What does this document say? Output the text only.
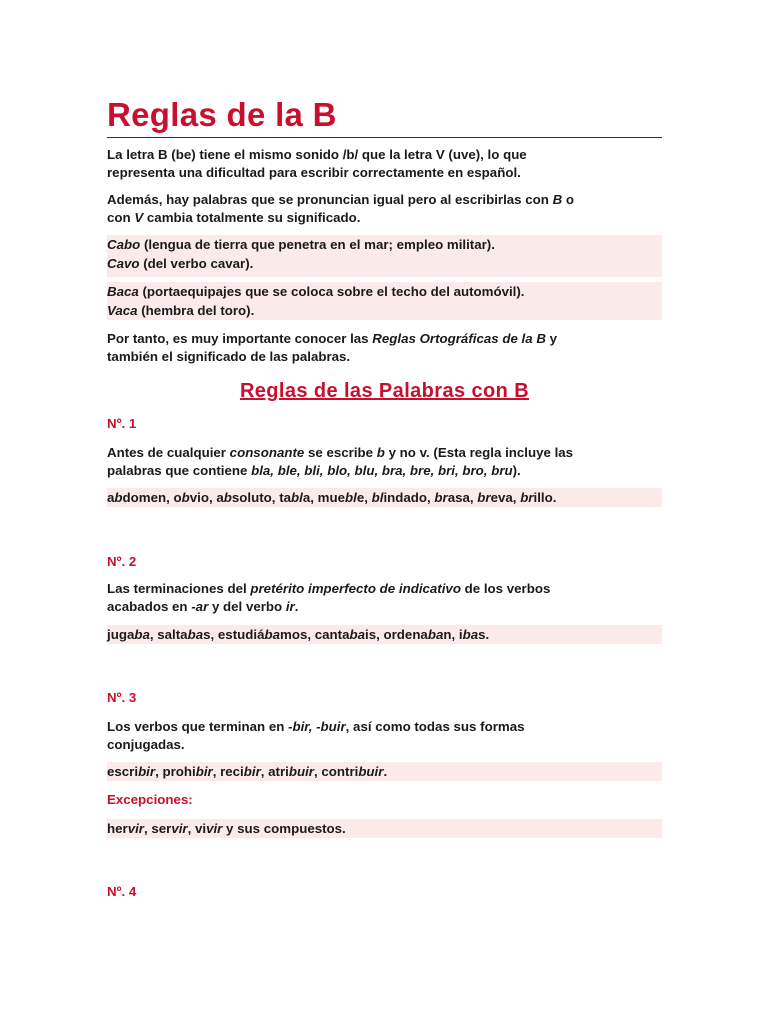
Reglas de la B

La letra B (be) tiene el mismo sonido /b/ que la letra V (uve), lo que

representa una dificultad para escribir correctamente en español.

Además, hay palabras que se pronuncian igual pero al escribirlas con B o

con V cambia totalmente su significado.

Cabo (lengua de tierra que penetra en el mar; empleo militar).

Cavo (del verbo cavar).

Baca (portaequipajes que se coloca sobre el techo del automóvil).

Vaca (hembra del toro).

Por tanto, es muy importante conocer las Reglas Ortográficas de la B y

también el significado de las palabras.

Reglas de las Palabras con B
Nº. 1

Antes de cualquier consonante se escribe b y no v. (Esta regla incluye las

palabras que contiene bla, ble, bli, blo, blu, bra, bre, bri, bro, bru).

abdomen, obvio, absoluto, tabla, mueble, blindado, brasa, breva, brillo.
Nº. 2

Las terminaciones del pretérito imperfecto de indicativo de los verbos

acabados en -ar y del verbo ir.

jugaba, saltabas, estudiábamos, cantabais, ordenaban, ibas.
Nº. 3

Los verbos que terminan en -bir, -buir, así como todas sus formas

conjugadas.

escribir, prohibir, recibir, atribuir, contribuir.
Excepciones:
hervir, servir, vivir y sus compuestos.
Nº. 4
